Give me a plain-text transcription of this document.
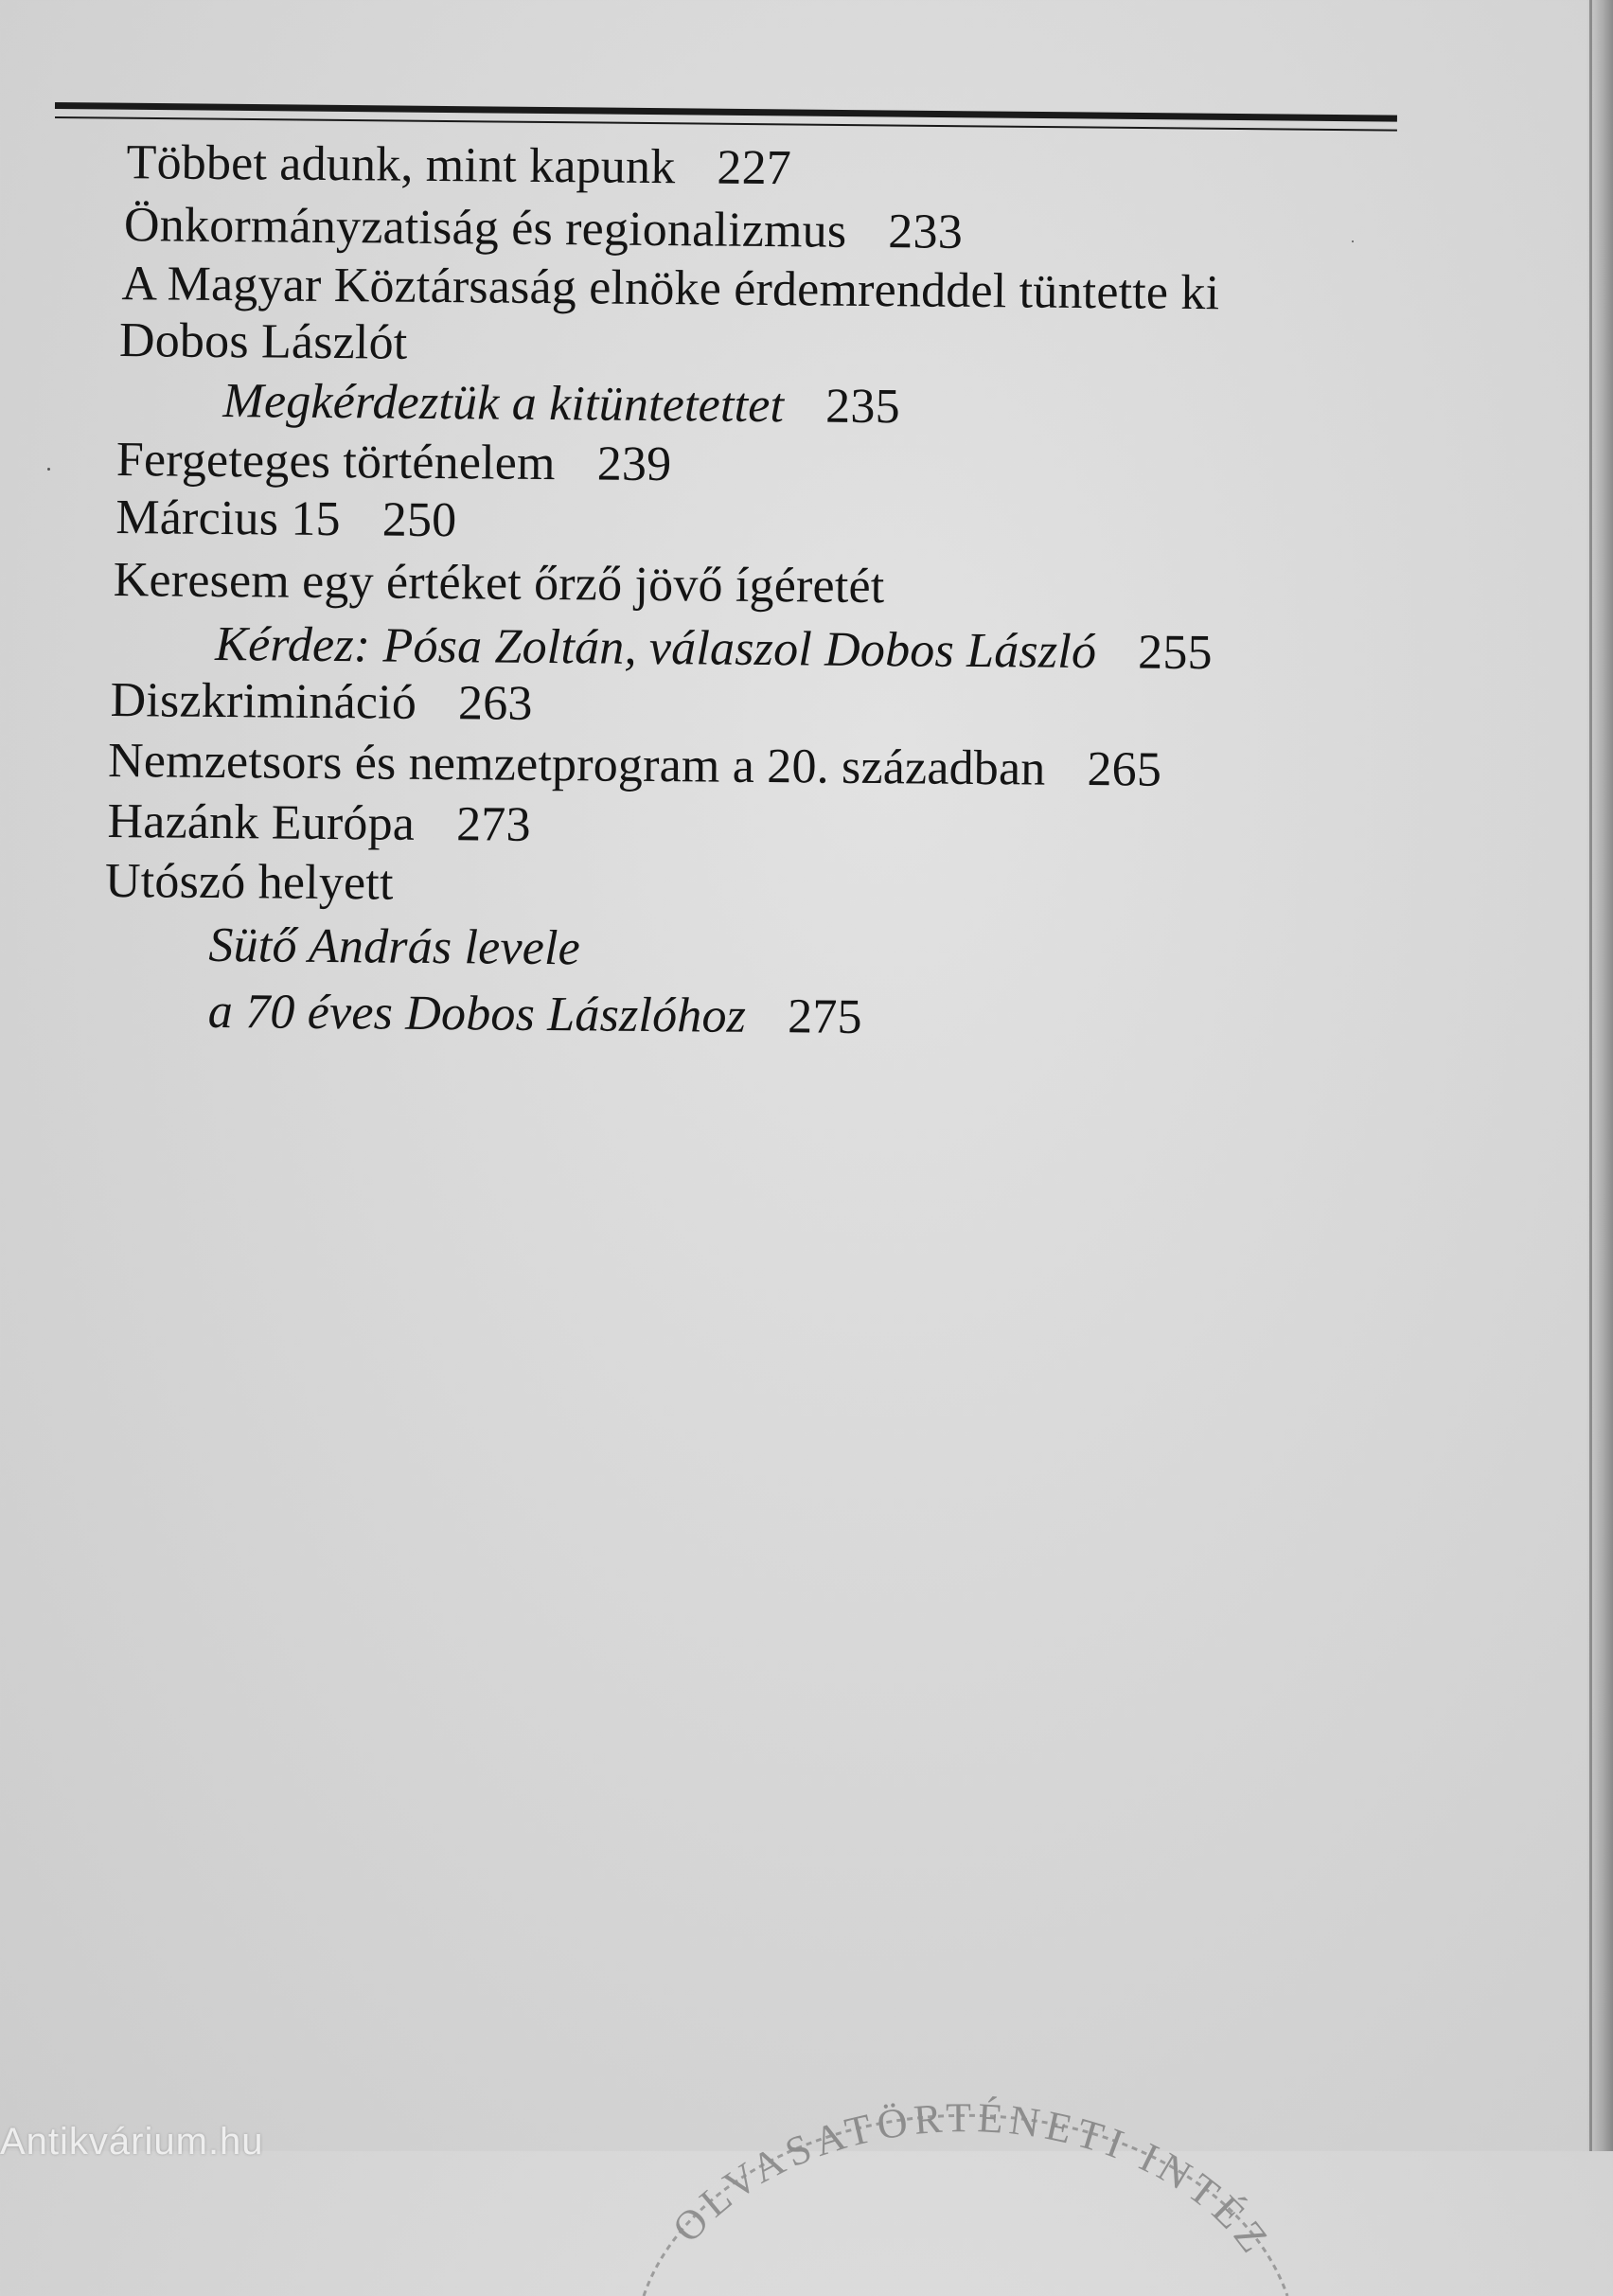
Többet adunk, mint kapunk 227
Önkormányzatiság és regionalizmus 233
A Magyar Köztársaság elnöke érdemrenddel tüntette ki
Dobos Lászlót
Megkérdeztük a kitüntetettet 235
Fergeteges történelem 239
Március 15 250
Keresem egy értéket őrző jövő ígéretét
Kérdez: Pósa Zoltán, válaszol Dobos László 255
Diszkrimináció 263
Nemzetsors és nemzetprogram a 20. században 265
Hazánk Európa 273
Utószó helyett
Sütő András levele
a 70 éves Dobos Lászlóhoz 275
OLVASATÖRTÉNETI INTÉZ
Antikvárium.hu
